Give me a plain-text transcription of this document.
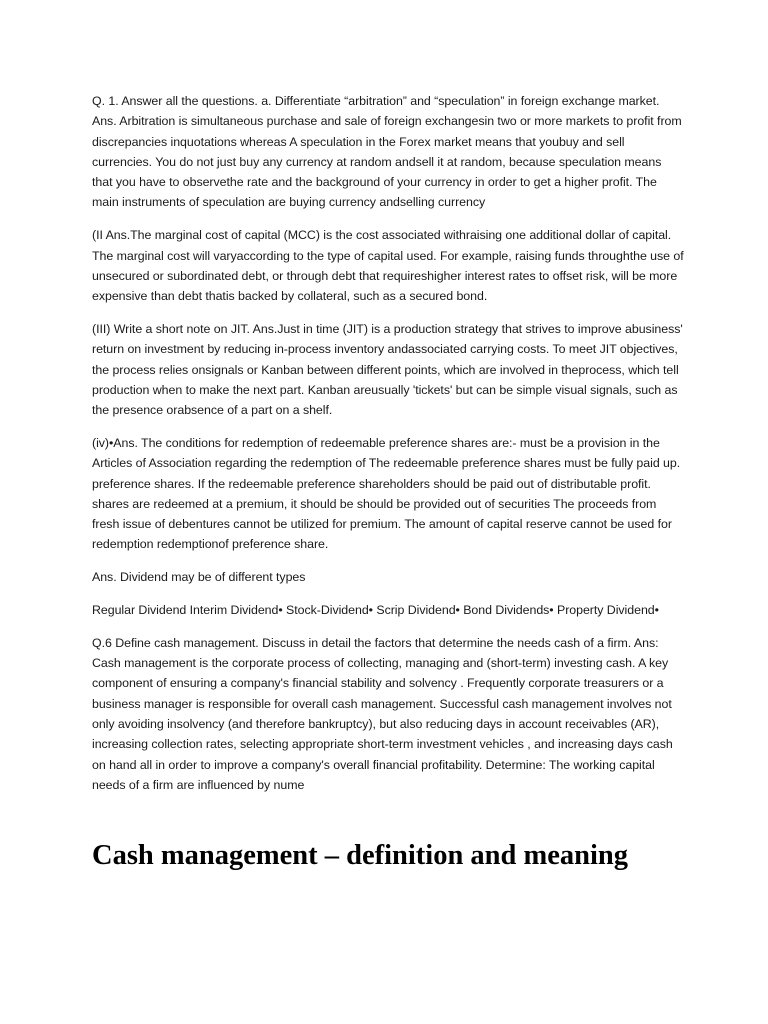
Q. 1. Answer all the questions. a. Differentiate “arbitration” and “speculation” in foreign exchange market. Ans. Arbitration is simultaneous purchase and sale of foreign exchangesin two or more markets to profit from discrepancies inquotations whereas A speculation in the Forex market means that youbuy and sell currencies. You do not just buy any currency at random andsell it at random, because speculation means that you have to observethe rate and the background of your currency in order to get a higher profit. The main instruments of speculation are buying currency andselling currency

(II Ans.The marginal cost of capital (MCC) is the cost associated withraising one additional dollar of capital. The marginal cost will varyaccording to the type of capital used. For example, raising funds throughthe use of unsecured or subordinated debt, or through debt that requireshigher interest rates to offset risk, will be more expensive than debt thatis backed by collateral, such as a secured bond.

(III) Write a short note on JIT. Ans.Just in time (JIT) is a production strategy that strives to improve abusiness' return on investment by reducing in-process inventory andassociated carrying costs. To meet JIT objectives, the process relies onsignals or Kanban between different points, which are involved in theprocess, which tell production when to make the next part. Kanban areusually 'tickets' but can be simple visual signals, such as the presence orabsence of a part on a shelf.

(iv)•Ans. The conditions for redemption of redeemable preference shares are:- must be a provision in the Articles of Association regarding the redemption of The redeemable preference shares must be fully paid up. preference shares. If the redeemable preference shareholders should be paid out of distributable profit. shares are redeemed at a premium, it should be should be provided out of securities The proceeds from fresh issue of debentures cannot be utilized for premium. The amount of capital reserve cannot be used for redemption redemptionof preference share.

Ans. Dividend may be of different types

Regular Dividend Interim Dividend• Stock-Dividend• Scrip Dividend• Bond Dividends• Property Dividend•

Q.6 Define cash management. Discuss in detail the factors that determine the needs cash of a firm. Ans: Cash management is the corporate process of collecting, managing and (short-term) investing cash. A key component of ensuring a company's financial stability and solvency . Frequently corporate treasurers or a business manager is responsible for overall cash management. Successful cash management involves not only avoiding insolvency (and therefore bankruptcy), but also reducing days in account receivables (AR), increasing collection rates, selecting appropriate short-term investment vehicles , and increasing days cash on hand all in order to improve a company's overall financial profitability. Determine: The working capital needs of a firm are influenced by nume

Cash management – definition and meaning
